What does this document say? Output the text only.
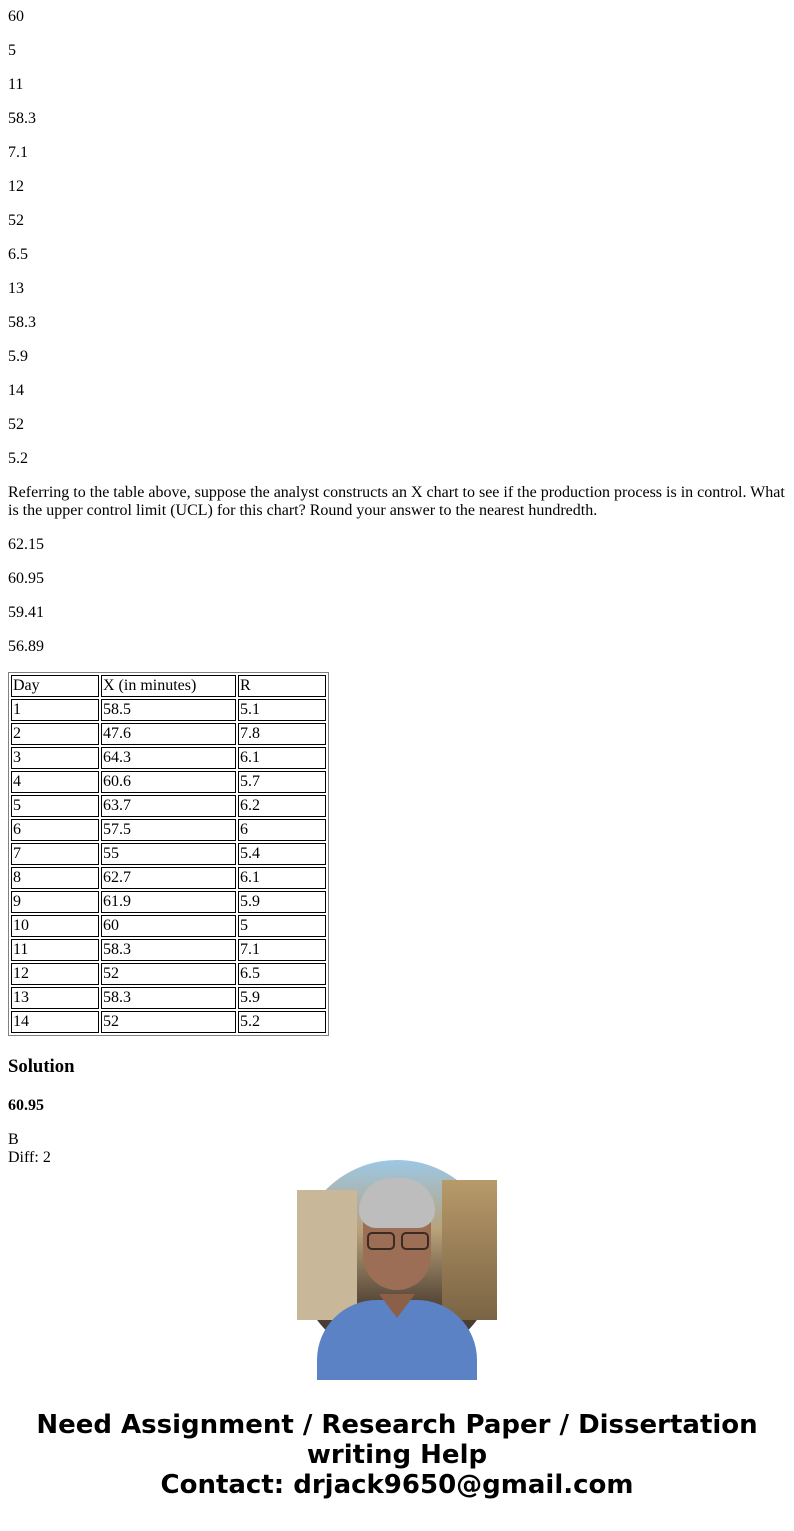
60

5

11

58.3

7.1

12

52

6.5

13

58.3

5.9

14

52

5.2

Referring to the table above, suppose the analyst constructs an X chart to see if the production process is in control. What is the upper control limit (UCL) for this chart? Round your answer to the nearest hundredth.

62.15

60.95

59.41

56.89

Day	X (in minutes)	R
1	58.5	5.1
2	47.6	7.8
3	64.3	6.1
4	60.6	5.7
5	63.7	6.2
6	57.5	6
7	55	5.4
8	62.7	6.1
9	61.9	5.9
10	60	5
11	58.3	7.1
12	52	6.5
13	58.3	5.9
14	52	5.2
Solution

60.95

B
Diff: 2
Need Assignment / Research Paper / Dissertation
writing Help
Contact: drjack9650@gmail.com
